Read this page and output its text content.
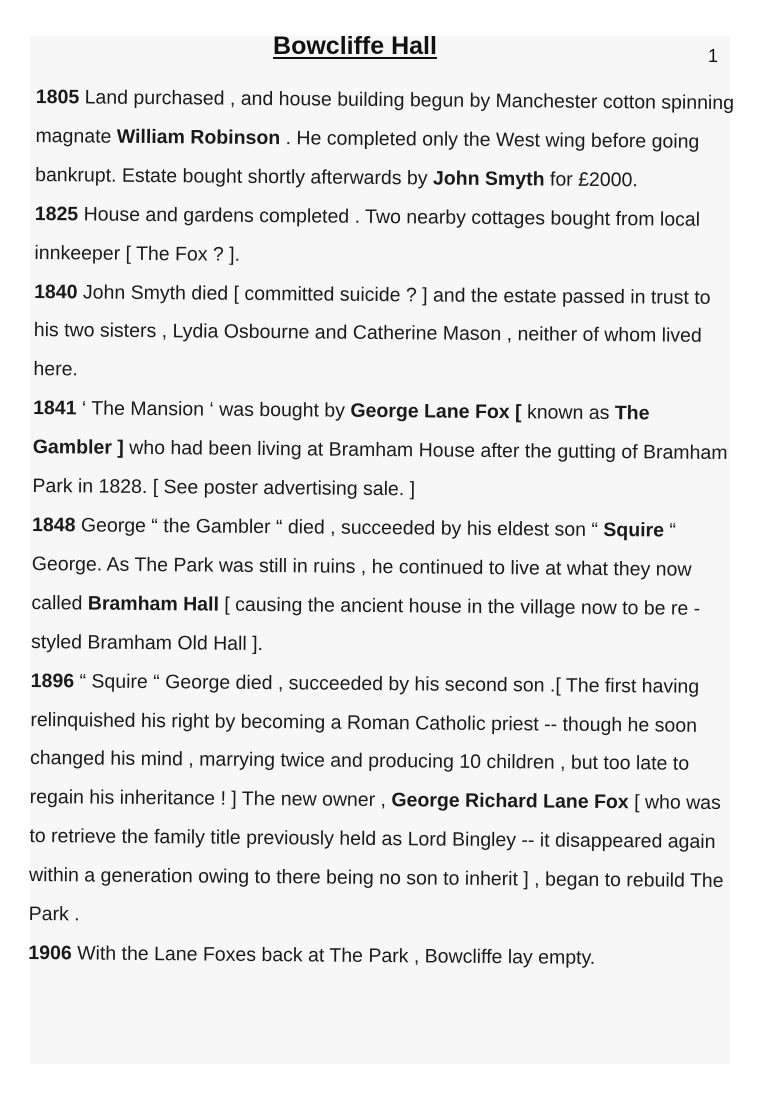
Bowcliffe Hall	1

1805 Land purchased , and house building begun by Manchester cotton spinning magnate William Robinson . He completed only the West wing before going bankrupt. Estate bought shortly afterwards by John Smyth for £2000.

1825 House and gardens completed . Two nearby cottages bought from local innkeeper [ The Fox ? ].

1840 John Smyth died [ committed suicide ? ] and the estate passed in trust to his two sisters , Lydia Osbourne and Catherine Mason , neither of whom lived here.

1841 ‘ The Mansion ‘ was bought by George Lane Fox [ known as The Gambler ] who had been living at Bramham House after the gutting of Bramham Park in 1828. [ See poster advertising sale. ]

1848 George “ the Gambler “ died , succeeded by his eldest son “ Squire “ George. As The Park was still in ruins , he continued to live at what they now called Bramham Hall [ causing the ancient house in the village now to be re - styled Bramham Old Hall ].

1896 “ Squire “ George died , succeeded by his second son .[ The first having relinquished his right by becoming a Roman Catholic priest -- though he soon changed his mind , marrying twice and producing 10 children , but too late to regain his inheritance ! ] The new owner , George Richard Lane Fox [ who was to retrieve the family title previously held as Lord Bingley -- it disappeared again within a generation owing to there being no son to inherit ] , began to rebuild The Park .

1906 With the Lane Foxes back at The Park , Bowcliffe lay empty.
